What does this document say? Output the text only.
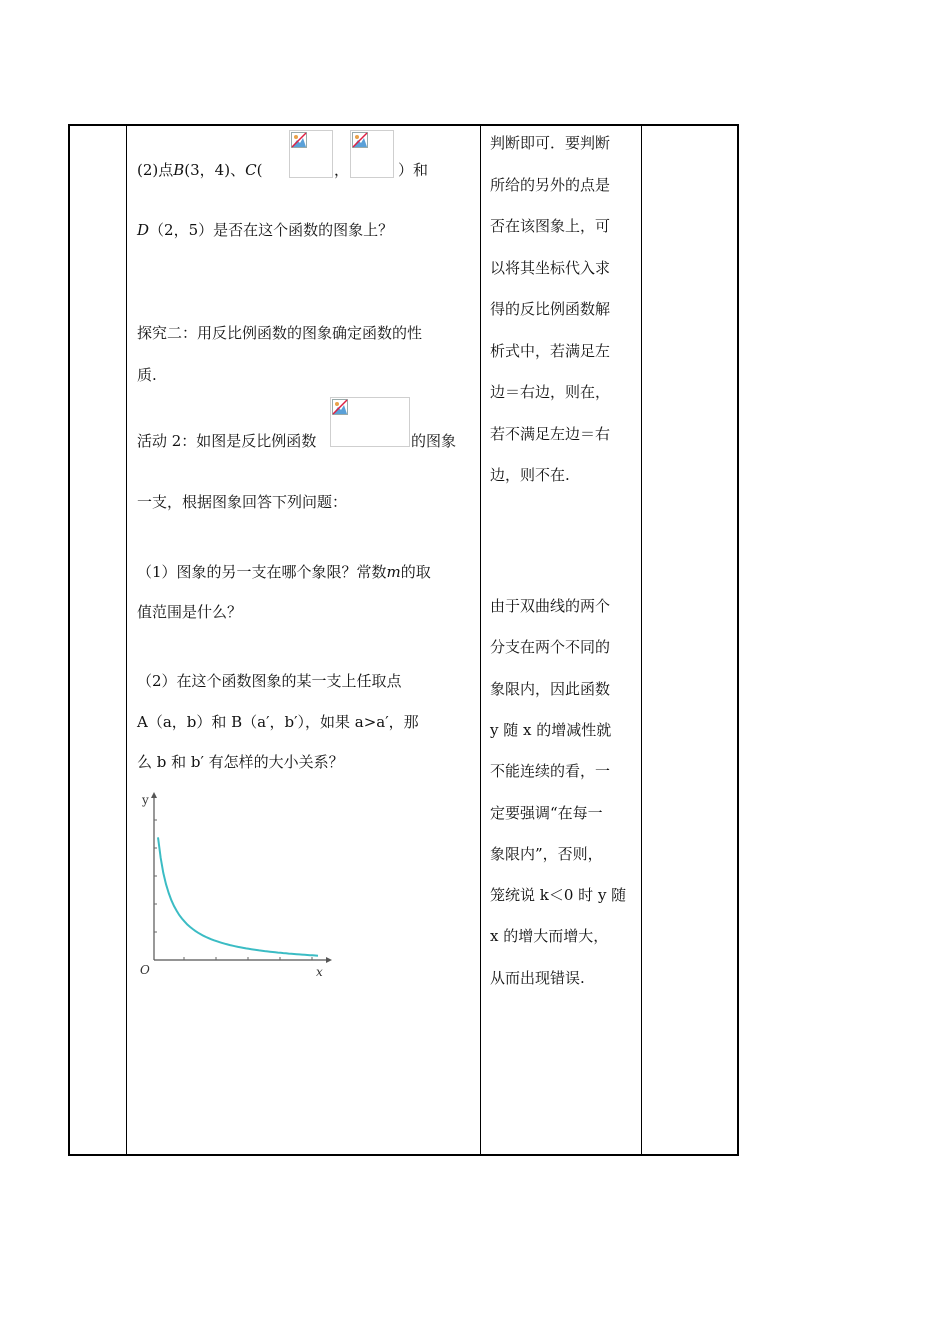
(2)点B(3，4)、C(	，	）和
D（2，5）是否在这个函数的图象上？
探究二：用反比例函数的图象确定函数的性
质.
活动 2：如图是反比例函数	的图象
一支，根据图象回答下列问题：
（1）图象的另一支在哪个象限？常数m的取
值范围是什么？
（2）在这个函数图象的某一支上任取点
A（a，b）和 B（a′，b′），如果 a>a′，那
么 b 和 b′ 有怎样的大小关系？
y
x
O
判断即可．要判断
所给的另外的点是
否在该图象上，可
以将其坐标代入求
得的反比例函数解
析式中，若满足左
边＝右边，则在，
若不满足左边＝右
边，则不在.
由于双曲线的两个
分支在两个不同的
象限内，因此函数
y 随 x 的增减性就
不能连续的看，一
定要强调“在每一
象限内”，否则，
笼统说 k＜0 时 y 随
x 的增大而增大，
从而出现错误.
